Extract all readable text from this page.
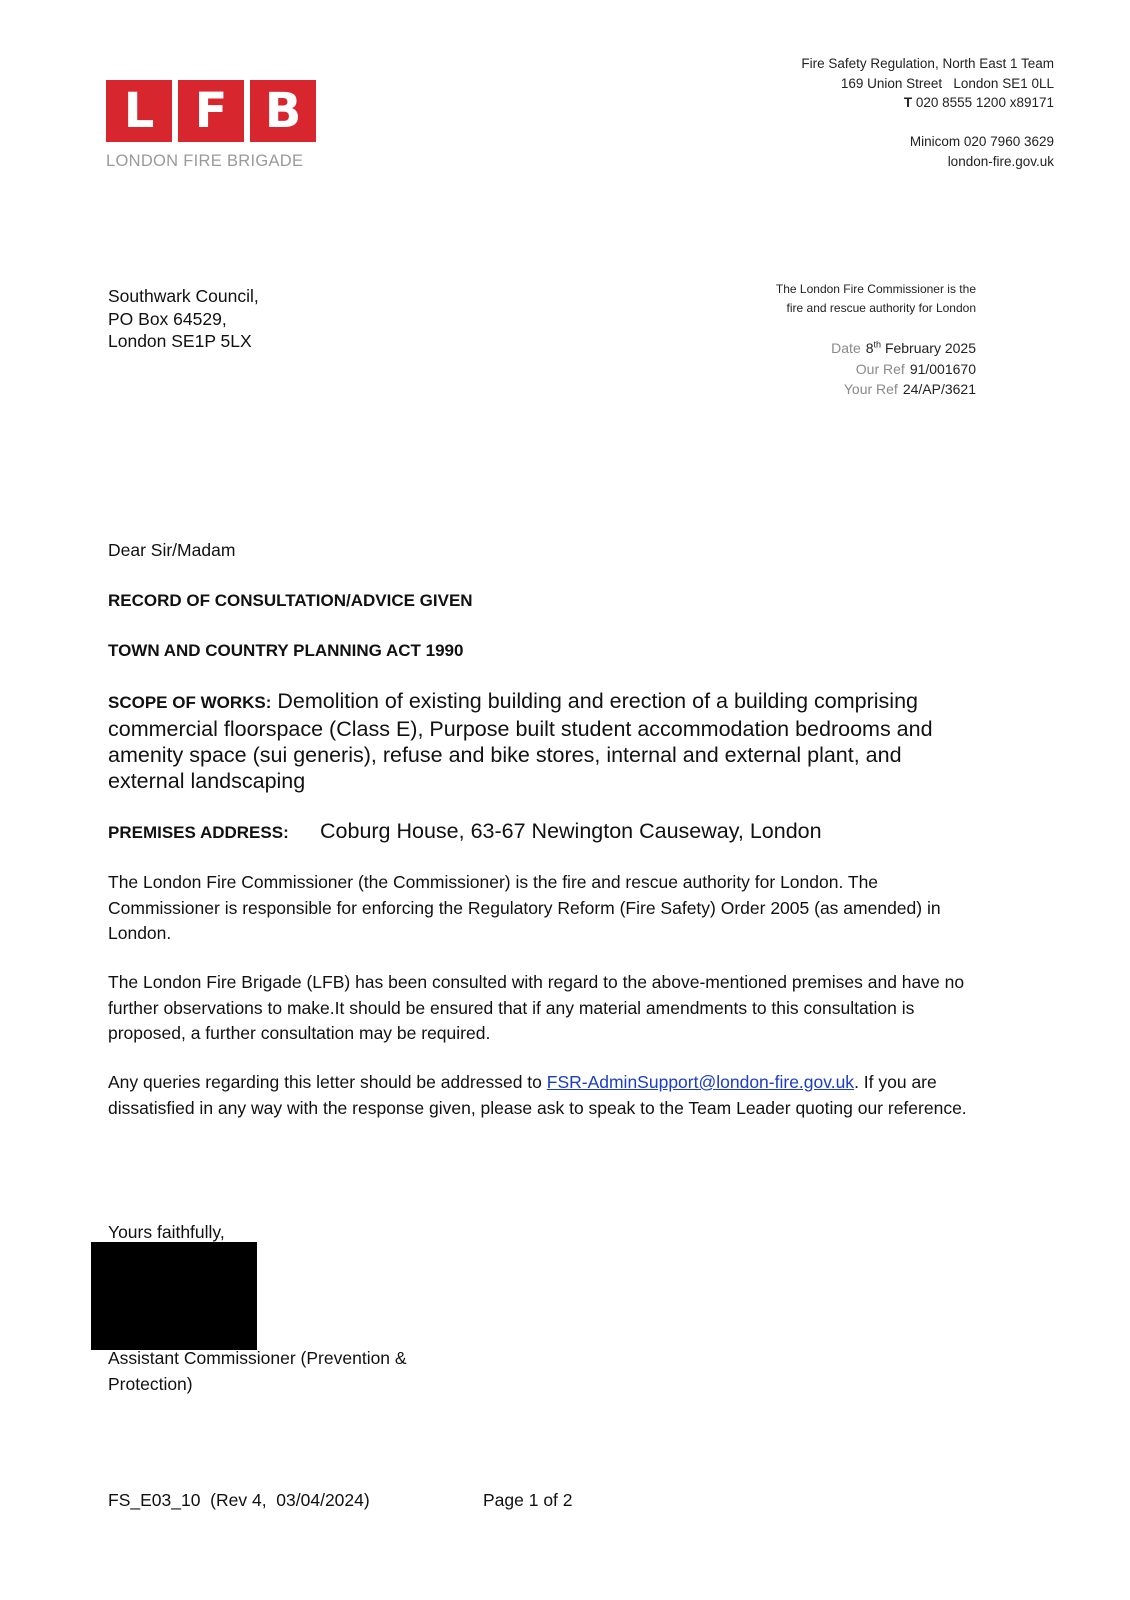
L F B
LONDON FIRE BRIGADE
Fire Safety Regulation, North East 1 Team
169 Union Street   London SE1 0LL
T 020 8555 1200 x89171
Minicom 020 7960 3629
london-fire.gov.uk
Southwark Council,
PO Box 64529,
London SE1P 5LX
The London Fire Commissioner is the
fire and rescue authority for London
Date 8th February 2025
Our Ref 91/001670
Your Ref 24/AP/3621
Dear Sir/Madam
RECORD OF CONSULTATION/ADVICE GIVEN
TOWN AND COUNTRY PLANNING ACT 1990
SCOPE OF WORKS: Demolition of existing building and erection of a building comprising commercial floorspace (Class E), Purpose built student accommodation bedrooms and amenity space (sui generis), refuse and bike stores, internal and external plant, and external landscaping
PREMISES ADDRESS: Coburg House, 63-67 Newington Causeway, London
The London Fire Commissioner (the Commissioner) is the fire and rescue authority for London. The Commissioner is responsible for enforcing the Regulatory Reform (Fire Safety) Order 2005 (as amended) in London.
The London Fire Brigade (LFB) has been consulted with regard to the above-mentioned premises and have no further observations to make.It should be ensured that if any material amendments to this consultation is proposed, a further consultation may be required.
Any queries regarding this letter should be addressed to FSR-AdminSupport@london-fire.gov.uk. If you are dissatisfied in any way with the response given, please ask to speak to the Team Leader quoting our reference.
Yours faithfully,
Assistant Commissioner (Prevention & Protection)
FS_E03_10  (Rev 4,  03/04/2024)	Page 1 of 2
